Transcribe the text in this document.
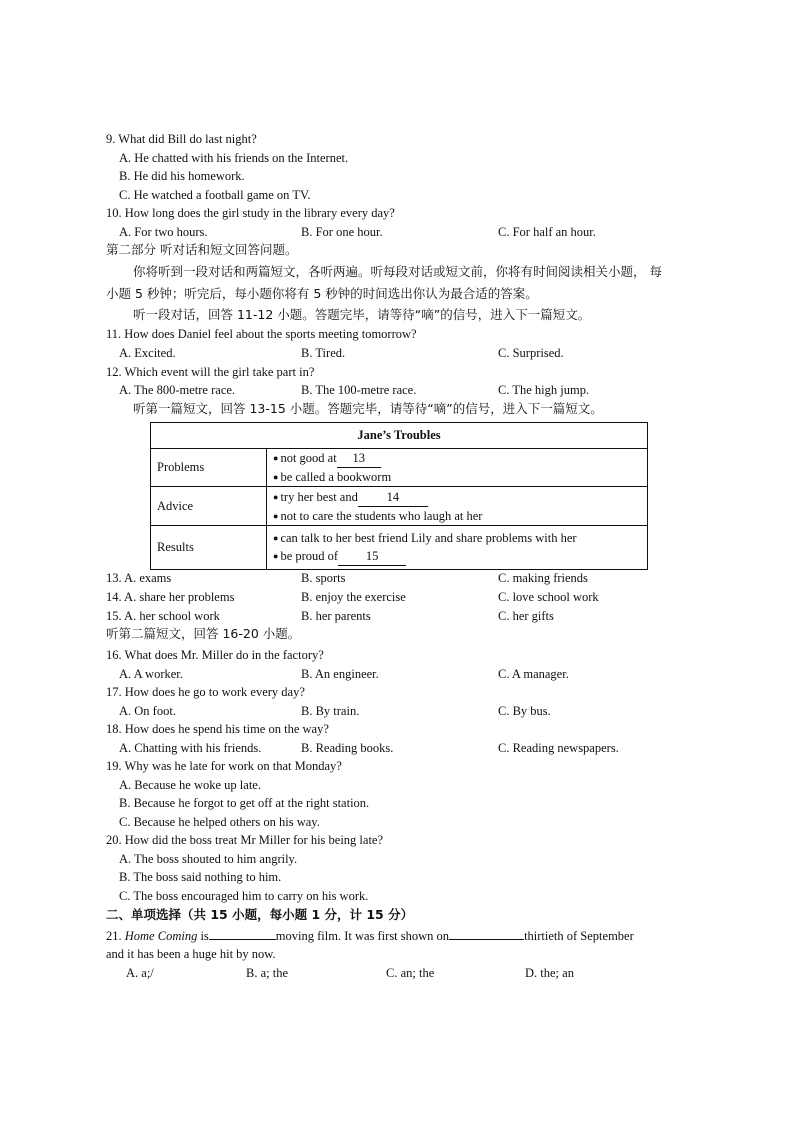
9. What did Bill do last night?
A. He chatted with his friends on the Internet.
B. He did his homework.
C. He watched a football game on TV.
10. How long does the girl study in the library every day?
A. For two hours.	B. For one hour.	C. For half an hour.
第二部分 听对话和短文回答问题。
你将听到一段对话和两篇短文，各听两遍。听每段对话或短文前，你将有时间阅读相关小题， 每
小题 5 秒钟；听完后，每小题你将有 5 秒钟的时间选出你认为最合适的答案。
听一段对话，回答 11-12 小题。答题完毕，请等待“嘀”的信号，进入下一篇短文。
11. How does Daniel feel about the sports meeting tomorrow?
A. Excited.	B. Tired.	C. Surprised.
12. Which event will the girl take part in?
A. The 800-metre race.	B. The 100-metre race.	C. The high jump.
听第一篇短文，回答 13-15 小题。答题完毕，请等待“嘀”的信号，进入下一篇短文。
Jane’s Troubles	
Problems	● not good at 13
● be called a bookworm

Advice	● try her best and 14
● not to care the students who laugh at her

Results	● can talk to her best friend Lily and share problems with her
● be proud of 15
13. A. exams	B. sports	C. making friends
14. A. share her problems	B. enjoy the exercise	C. love school work
15. A. her school work	B. her parents	C. her gifts
听第二篇短文，回答 16-20 小题。
16. What does Mr. Miller do in the factory?
A. A worker.	B. An engineer.	C. A manager.
17. How does he go to work every day?
A. On foot.	B. By train.	C. By bus.
18. How does he spend his time on the way?
A. Chatting with his friends.	B. Reading books.	C. Reading newspapers.
19. Why was he late for work on that Monday?
A. Because he woke up late.
B. Because he forgot to get off at the right station.
C. Because he helped others on his way.
20. How did the boss treat Mr Miller for his being late?
A. The boss shouted to him angrily.
B. The boss said nothing to him.
C. The boss encouraged him to carry on his work.
二、单项选择（共 15 小题，每小题 1 分，计 15 分）
21. Home Coming is	moving film. It was first shown on	thirtieth of September
and it has been a huge hit by now.
A. a;/	B. a; the	C. an; the	D. the; an
